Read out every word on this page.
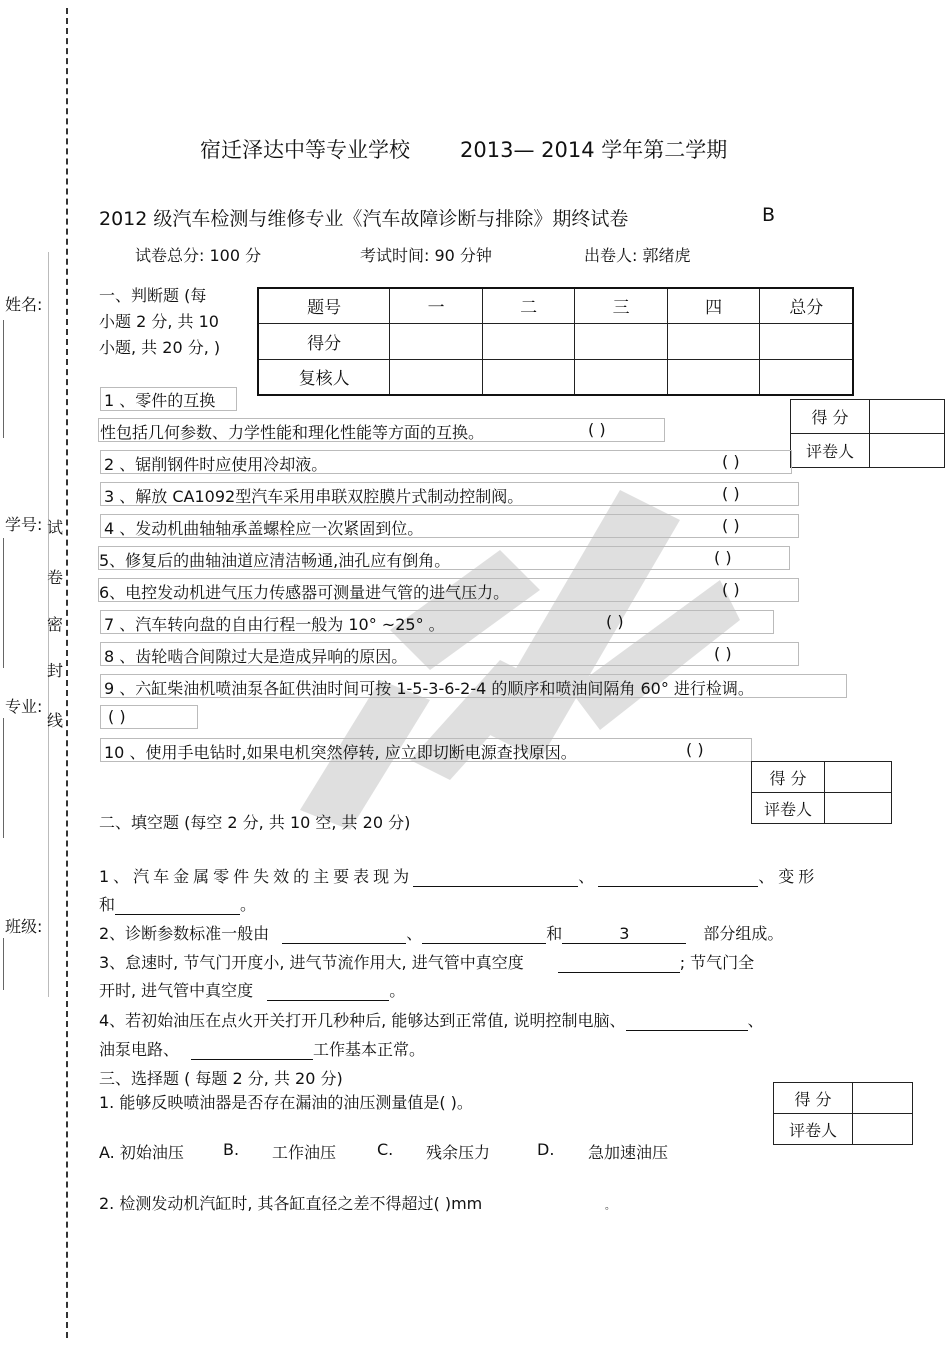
姓名:
学号:
专业:
班级:
试
卷
密
封
线
宿迁泽达中等专业学校 2013— 2014 学年第二学期
2012 级汽车检测与维修专业《汽车故障诊断与排除》期终试卷	B
试卷总分: 100 分	考试时间: 90 分钟	出卷人: 郭绪虎
一、判断题 (每
小题 2 分, 共 10
小题, 共 20 分, )
题号	一	二	三	四	总分
得分					
复核人					
得 分	
评卷人	
1 、零件的互换
性包括几何参数、力学性能和理化性能等方面的互换。	( )
2 、锯削钢件时应使用冷却液。	( )
3 、解放 CA1092型汽车采用串联双腔膜片式制动控制阀。	( )
4 、发动机曲轴轴承盖螺栓应一次紧固到位。	( )
5、修复后的曲轴油道应清洁畅通,油孔应有倒角。	( )
6、电控发动机进气压力传感器可测量进气管的进气压力。	( )
7 、汽车转向盘的自由行程一般为 10° ~25° 。	( )
8 、齿轮啮合间隙过大是造成异响的原因。	( )
9 、六缸柴油机喷油泵各缸供油时间可按 1-5-3-6-2-4 的顺序和喷油间隔角 60° 进行检调。
( )
10 、使用手电钻时,如果电机突然停转, 应立即切断电源查找原因。	( )
得 分	
评卷人	
二、填空题 (每空 2 分, 共 10 空, 共 20 分)
1、汽车金属零件失效的主要表现为	、	、变形
和	。
2、诊断参数标准一般由	、	和	3	部分组成。
3、怠速时, 节气门开度小, 进气节流作用大, 进气管中真空度	; 节气门全
开时, 进气管中真空度	。
4、若初始油压在点火开关打开几秒种后, 能够达到正常值, 说明控制电脑、	、
油泵电路、	工作基本正常。
三、选择题 ( 每题 2 分, 共 20 分)
得 分	
评卷人	
1. 能够反映喷油器是否存在漏油的油压测量值是( )。
A. 初始油压 B. 工作油压	C. 残余压力	D. 急加速油压
2. 检测发动机汽缸时, 其各缸直径之差不得超过( )mm	。
